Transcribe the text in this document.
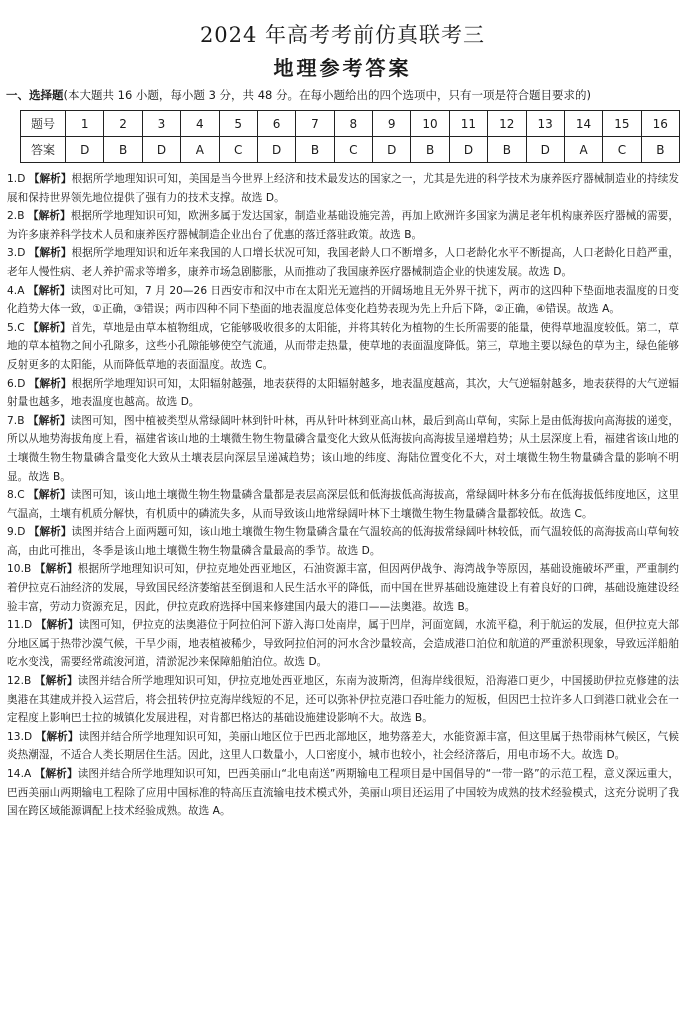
2024 年高考考前仿真联考三
地理参考答案
一、选择题(本大题共 16 小题，每小题 3 分，共 48 分。在每小题给出的四个选项中，只有一项是符合题目要求的)
题号	1	2	3	4	5	6	7	8	9	10	11	12	13	14	15	16
答案	D	B	D	A	C	D	B	C	D	B	D	B	D	A	C	B
1.D 【解析】根据所学地理知识可知，美国是当今世界上经济和技术最发达的国家之一，尤其是先进的科学技术为康养医疗器械制造业的持续发展和保持世界领先地位提供了强有力的技术支撑。故选 D。
2.B 【解析】根据所学地理知识可知，欧洲多属于发达国家，制造业基础设施完善，再加上欧洲许多国家为满足老年机构康养医疗器械的需要，为许多康养科学技术人员和康养医疗器械制造企业出台了优惠的落迁落驻政策。故选 B。
3.D 【解析】根据所学地理知识和近年来我国的人口增长状况可知，我国老龄人口不断增多，人口老龄化水平不断提高，人口老龄化日趋严重，老年人慢性病、老人养护需求等增多，康养市场急剧膨胀，从而推动了我国康养医疗器械制造企业的快速发展。故选 D。
4.A 【解析】读图对比可知，7 月 20—26 日西安市和汉中市在太阳光无遮挡的开阔场地且无外界干扰下，两市的这四种下垫面地表温度的日变化趋势大体一致，①正确，③错误；两市四种不同下垫面的地表温度总体变化趋势表现为先上升后下降，②正确，④错误。故选 A。
5.C 【解析】首先，草地是由草本植物组成，它能够吸收很多的太阳能，并将其转化为植物的生长所需要的能量，使得草地温度较低。第二，草地的草本植物之间小孔隙多，这些小孔隙能够使空气流通，从而带走热量，使草地的表面温度降低。第三，草地主要以绿色的草为主，绿色能够反射更多的太阳能，从而降低草地的表面温度。故选 C。
6.D 【解析】根据所学地理知识可知，太阳辐射越强，地表获得的太阳辐射越多，地表温度越高，其次，大气逆辐射越多，地表获得的大气逆辐射量也越多，地表温度也越高。故选 D。
7.B 【解析】读图可知，图中植被类型从常绿阔叶林到针叶林，再从针叶林到亚高山林，最后到高山草甸，实际上是由低海拔向高海拔的递变，所以从地势海拔角度上看，福建省该山地的土壤微生物生物量磷含量变化大致从低海拔向高海拔呈递增趋势；从土层深度上看，福建省该山地的土壤微生物生物量磷含量变化大致从土壤表层向深层呈递减趋势；该山地的纬度、海陆位置变化不大，对土壤微生物生物量磷含量的影响不明显。故选 B。
8.C 【解析】读图可知，该山地土壤微生物生物量磷含量都是表层高深层低和低海拔低高海拔高，常绿阔叶林多分布在低海拔低纬度地区，这里气温高，土壤有机质分解快，有机质中的磷流失多，从而导致该山地常绿阔叶林下土壤微生物生物量磷含量都较低。故选 C。
9.D 【解析】读图并结合上面两题可知，该山地土壤微生物生物量磷含量在气温较高的低海拔常绿阔叶林较低，而气温较低的高海拔高山草甸较高，由此可推出，冬季是该山地土壤微生物生物量磷含量最高的季节。故选 D。
10.B 【解析】根据所学地理知识可知，伊拉克地处西亚地区，石油资源丰富，但因两伊战争、海湾战争等原因，基础设施破坏严重，严重制约着伊拉克石油经济的发展，导致国民经济萎缩甚至倒退和人民生活水平的降低，而中国在世界基础设施建设上有着良好的口碑，基础设施建设经验丰富，劳动力资源充足，因此，伊拉克政府选择中国来修建国内最大的港口——法奥港。故选 B。
11.D 【解析】读图可知，伊拉克的法奥港位于阿拉伯河下游入海口处南岸，属于凹岸，河面宽阔，水流平稳，利于航运的发展，但伊拉克大部分地区属于热带沙漠气候，干旱少雨，地表植被稀少，导致阿拉伯河的河水含沙量较高，会造成港口泊位和航道的严重淤积现象，导致远洋船舶吃水变浅，需要经常疏浚河道，清淤泥沙来保障船舶泊位。故选 D。
12.B 【解析】读图并结合所学地理知识可知，伊拉克地处西亚地区，东南为波斯湾，但海岸线很短，沿海港口更少，中国援助伊拉克修建的法奥港在其建成并投入运营后，将会扭转伊拉克海岸线短的不足，还可以弥补伊拉克港口吞吐能力的短板，但因巴士拉许多人口到港口就业会在一定程度上影响巴士拉的城镇化发展进程，对肯都巴格达的基础设施建设影响不大。故选 B。
13.D 【解析】读图并结合所学地理知识可知，美丽山地区位于巴西北部地区，地势落差大，水能资源丰富，但这里属于热带雨林气候区，气候炎热潮湿，不适合人类长期居住生活。因此，这里人口数量小，人口密度小，城市也较小，社会经济落后，用电市场不大。故选 D。
14.A 【解析】读图并结合所学地理知识可知，巴西美丽山“北电南送”两期输电工程项目是中国倡导的“一带一路”的示范工程，意义深远重大，巴西美丽山两期输电工程除了应用中国标准的特高压直流输电技术模式外，美丽山项目还运用了中国较为成熟的技术经验模式，这充分说明了我国在跨区域能源调配上技术经验成熟。故选 A。
